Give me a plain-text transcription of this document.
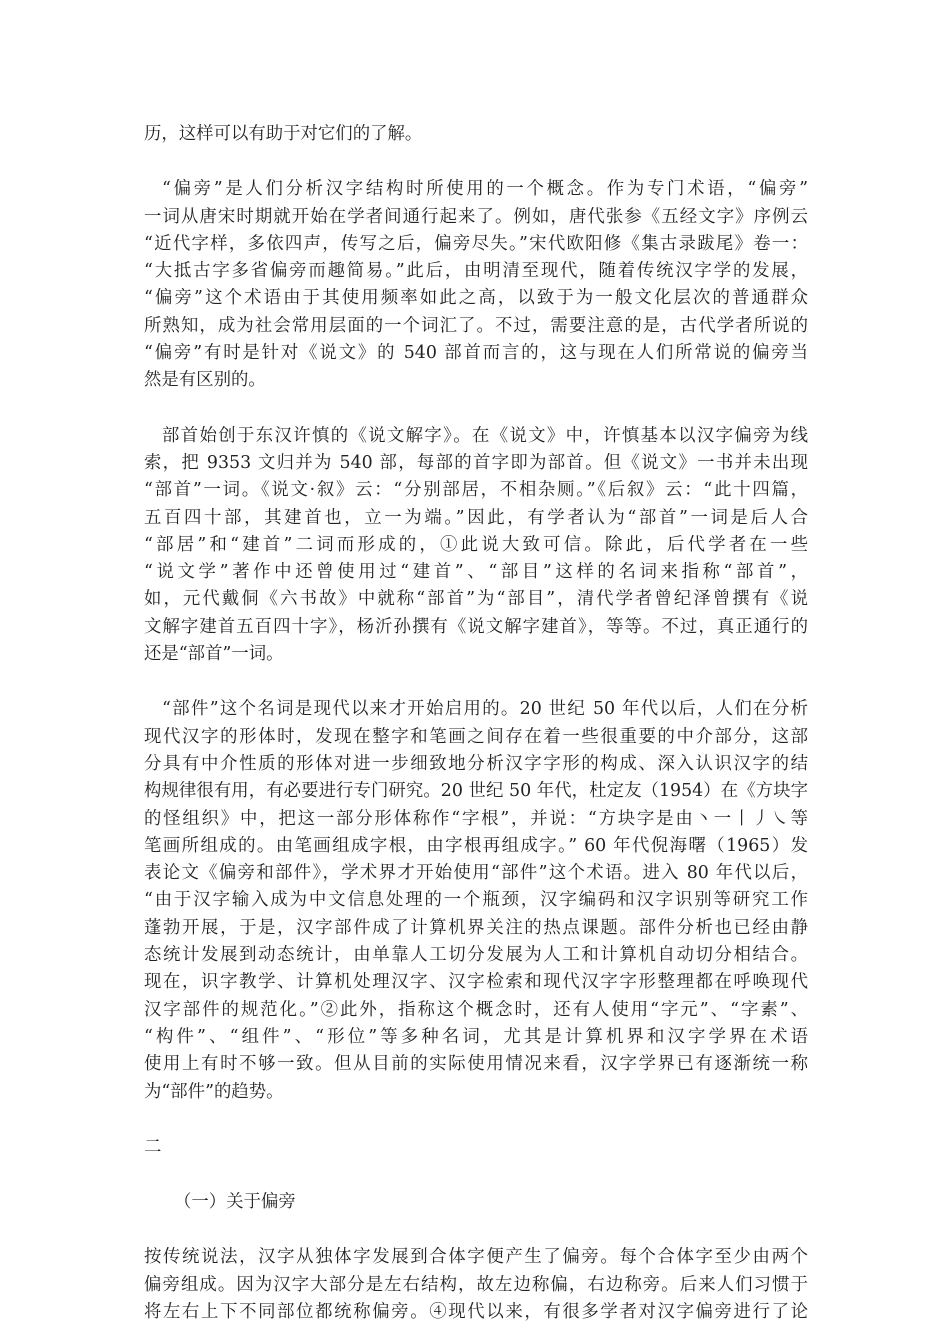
历，这样可以有助于对它们的了解。
“偏旁”是人们分析汉字结构时所使用的一个概念。作为专门术语，“偏旁”
一词从唐宋时期就开始在学者间通行起来了。例如，唐代张参《五经文字》序例云
“近代字样，多依四声，传写之后，偏旁尽失。”宋代欧阳修《集古录跋尾》卷一：
“大抵古字多省偏旁而趣简易。”此后，由明清至现代，随着传统汉字学的发展，
“偏旁”这个术语由于其使用频率如此之高，以致于为一般文化层次的普通群众
所熟知，成为社会常用层面的一个词汇了。不过，需要注意的是，古代学者所说的
“偏旁”有时是针对《说文》的 540 部首而言的，这与现在人们所常说的偏旁当
然是有区别的。
部首始创于东汉许慎的《说文解字》。在《说文》中，许慎基本以汉字偏旁为线
索，把 9353 文归并为 540 部，每部的首字即为部首。但《说文》一书并未出现
“部首”一词。《说文·叙》云：“分别部居，不相杂厕。”《后叙》云：“此十四篇，
五百四十部，其建首也，立一为端。”因此，有学者认为“部首”一词是后人合
“部居”和“建首”二词而形成的，①此说大致可信。除此，后代学者在一些
“说文学”著作中还曾使用过“建首”、“部目”这样的名词来指称“部首”，
如，元代戴侗《六书故》中就称“部首”为“部目”，清代学者曾纪泽曾撰有《说
文解字建首五百四十字》，杨沂孙撰有《说文解字建首》，等等。不过，真正通行的
还是“部首”一词。
“部件”这个名词是现代以来才开始启用的。20 世纪 50 年代以后，人们在分析
现代汉字的形体时，发现在整字和笔画之间存在着一些很重要的中介部分，这部
分具有中介性质的形体对进一步细致地分析汉字字形的构成、深入认识汉字的结
构规律很有用，有必要进行专门研究。20 世纪 50 年代，杜定友（1954）在《方块字
的怪组织》中，把这一部分形体称作“字根”，并说：“方块字是由丶一丨丿㇏等
笔画所组成的。由笔画组成字根，由字根再组成字。” 60 年代倪海曙（1965）发
表论文《偏旁和部件》，学术界才开始使用“部件”这个术语。进入 80 年代以后，
“由于汉字输入成为中文信息处理的一个瓶颈，汉字编码和汉字识别等研究工作
蓬勃开展，于是，汉字部件成了计算机界关注的热点课题。部件分析也已经由静
态统计发展到动态统计，由单靠人工切分发展为人工和计算机自动切分相结合。
现在，识字教学、计算机处理汉字、汉字检索和现代汉字字形整理都在呼唤现代
汉字部件的规范化。”②此外，指称这个概念时，还有人使用“字元”、“字素”、
“构件”、“组件”、“形位”等多种名词，尤其是计算机界和汉字学界在术语
使用上有时不够一致。但从目前的实际使用情况来看，汉字学界已有逐渐统一称
为“部件”的趋势。
二
（一）关于偏旁
按传统说法，汉字从独体字发展到合体字便产生了偏旁。每个合体字至少由两个
偏旁组成。因为汉字大部分是左右结构，故左边称偏，右边称旁。后来人们习惯于
将左右上下不同部位都统称偏旁。④现代以来，有很多学者对汉字偏旁进行了论
